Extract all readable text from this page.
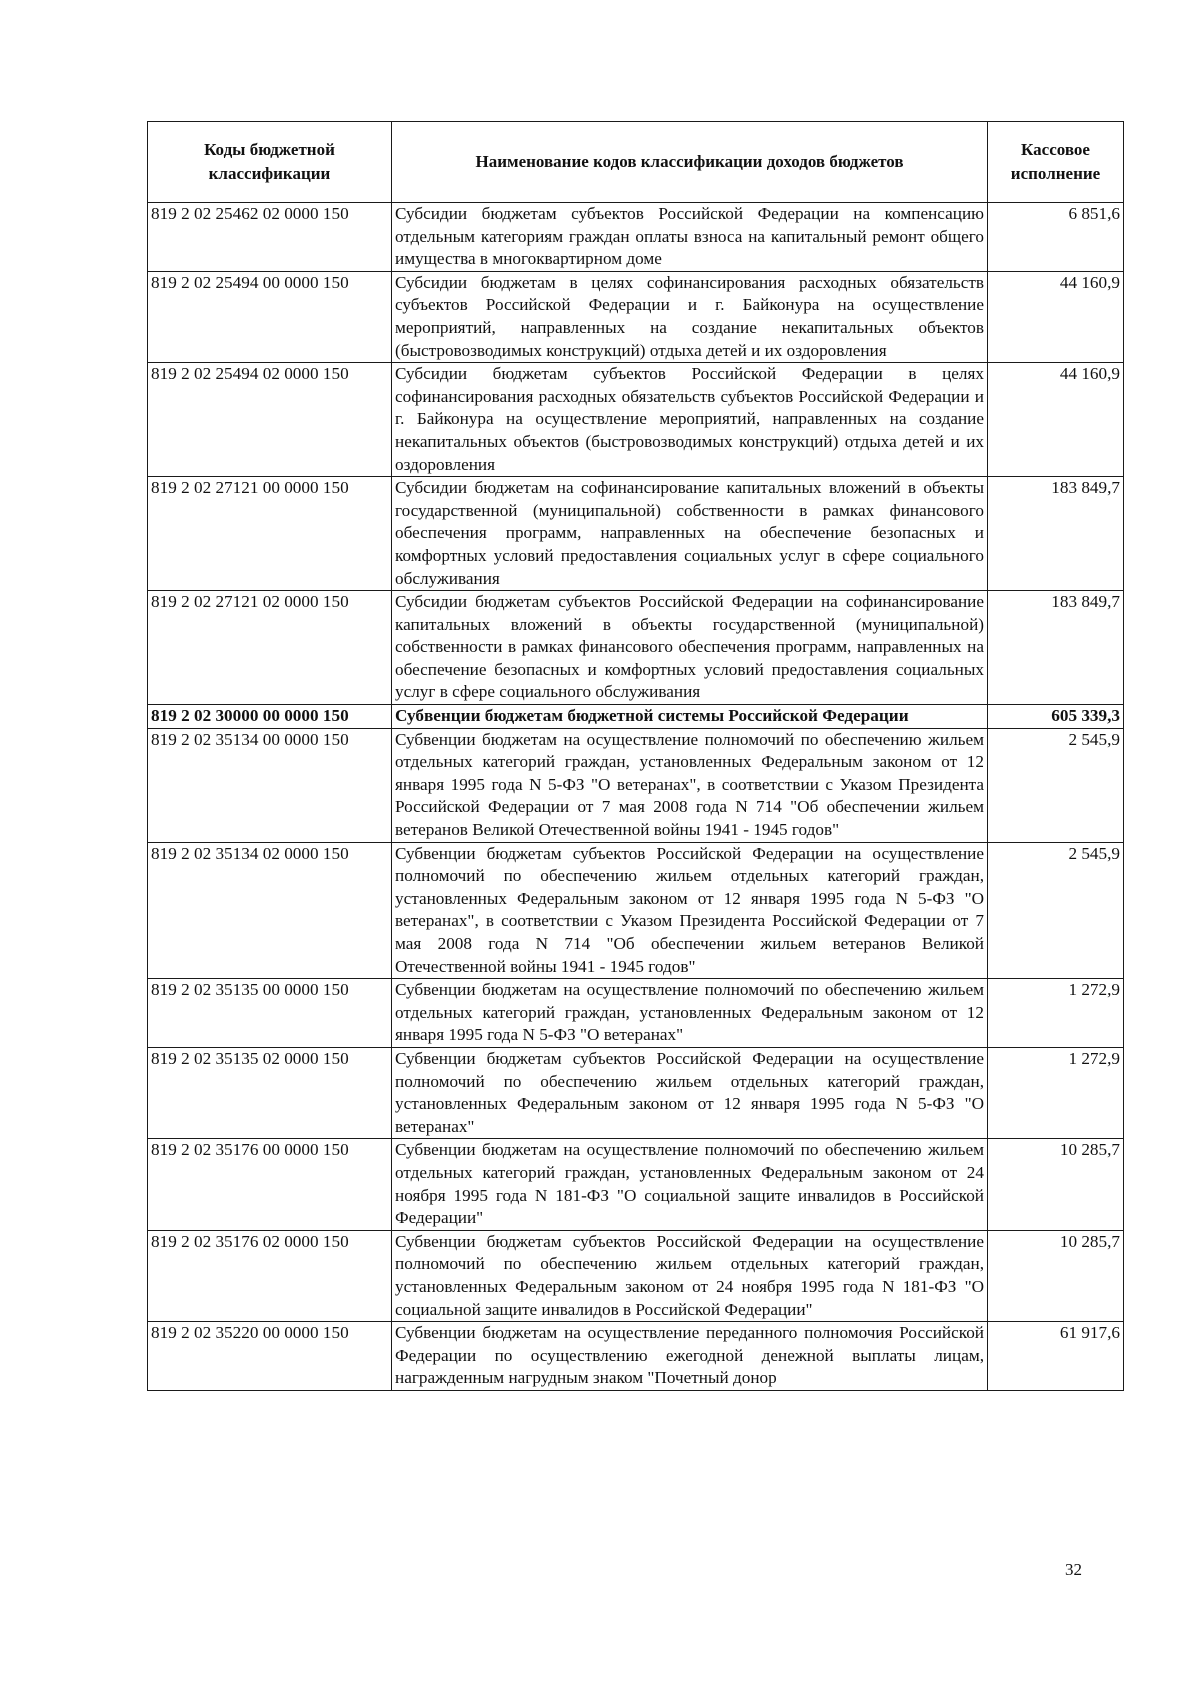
Коды бюджетной классификации	Наименование кодов классификации доходов бюджетов	Кассовое исполнение
819 2 02 25462 02 0000 150	Субсидии бюджетам субъектов Российской Федерации на компенсацию отдельным категориям граждан оплаты взноса на капитальный ремонт общего имущества в многоквартирном доме	6 851,6
819 2 02 25494 00 0000 150	Субсидии бюджетам в целях софинансирования расходных обязательств субъектов Российской Федерации и г. Байконура на осуществление мероприятий, направленных на создание некапитальных объектов (быстровозводимых конструкций) отдыха детей и их оздоровления	44 160,9
819 2 02 25494 02 0000 150	Субсидии бюджетам субъектов Российской Федерации в целях софинансирования расходных обязательств субъектов Российской Федерации и г. Байконура на осуществление мероприятий, направленных на создание некапитальных объектов (быстровозводимых конструкций) отдыха детей и их оздоровления	44 160,9
819 2 02 27121 00 0000 150	Субсидии бюджетам на софинансирование капитальных вложений в объекты государственной (муниципальной) собственности в рамках финансового обеспечения программ, направленных на обеспечение безопасных и комфортных условий предоставления социальных услуг в сфере социального обслуживания	183 849,7
819 2 02 27121 02 0000 150	Субсидии бюджетам субъектов Российской Федерации на софинансирование капитальных вложений в объекты государственной (муниципальной) собственности в рамках финансового обеспечения программ, направленных на обеспечение безопасных и комфортных условий предоставления социальных услуг в сфере социального обслуживания	183 849,7
819 2 02 30000 00 0000 150	Субвенции бюджетам бюджетной системы Российской Федерации	605 339,3
819 2 02 35134 00 0000 150	Субвенции бюджетам на осуществление полномочий по обеспечению жильем отдельных категорий граждан, установленных Федеральным законом от 12 января 1995 года N 5-ФЗ "О ветеранах", в соответствии с Указом Президента Российской Федерации от 7 мая 2008 года N 714 "Об обеспечении жильем ветеранов Великой Отечественной войны 1941 - 1945 годов"	2 545,9
819 2 02 35134 02 0000 150	Субвенции бюджетам субъектов Российской Федерации на осуществление полномочий по обеспечению жильем отдельных категорий граждан, установленных Федеральным законом от 12 января 1995 года N 5-ФЗ "О ветеранах", в соответствии с Указом Президента Российской Федерации от 7 мая 2008 года N 714 "Об обеспечении жильем ветеранов Великой Отечественной войны 1941 - 1945 годов"	2 545,9
819 2 02 35135 00 0000 150	Субвенции бюджетам на осуществление полномочий по обеспечению жильем отдельных категорий граждан, установленных Федеральным законом от 12 января 1995 года N 5-ФЗ "О ветеранах"	1 272,9
819 2 02 35135 02 0000 150	Субвенции бюджетам субъектов Российской Федерации на осуществление полномочий по обеспечению жильем отдельных категорий граждан, установленных Федеральным законом от 12 января 1995 года N 5-ФЗ "О ветеранах"	1 272,9
819 2 02 35176 00 0000 150	Субвенции бюджетам на осуществление полномочий по обеспечению жильем отдельных категорий граждан, установленных Федеральным законом от 24 ноября 1995 года N 181-ФЗ "О социальной защите инвалидов в Российской Федерации"	10 285,7
819 2 02 35176 02 0000 150	Субвенции бюджетам субъектов Российской Федерации на осуществление полномочий по обеспечению жильем отдельных категорий граждан, установленных Федеральным законом от 24 ноября 1995 года N 181-ФЗ "О социальной защите инвалидов в Российской Федерации"	10 285,7
819 2 02 35220 00 0000 150	Субвенции бюджетам на осуществление переданного полномочия Российской Федерации по осуществлению ежегодной денежной выплаты лицам, награжденным нагрудным знаком "Почетный донор	61 917,6
32
